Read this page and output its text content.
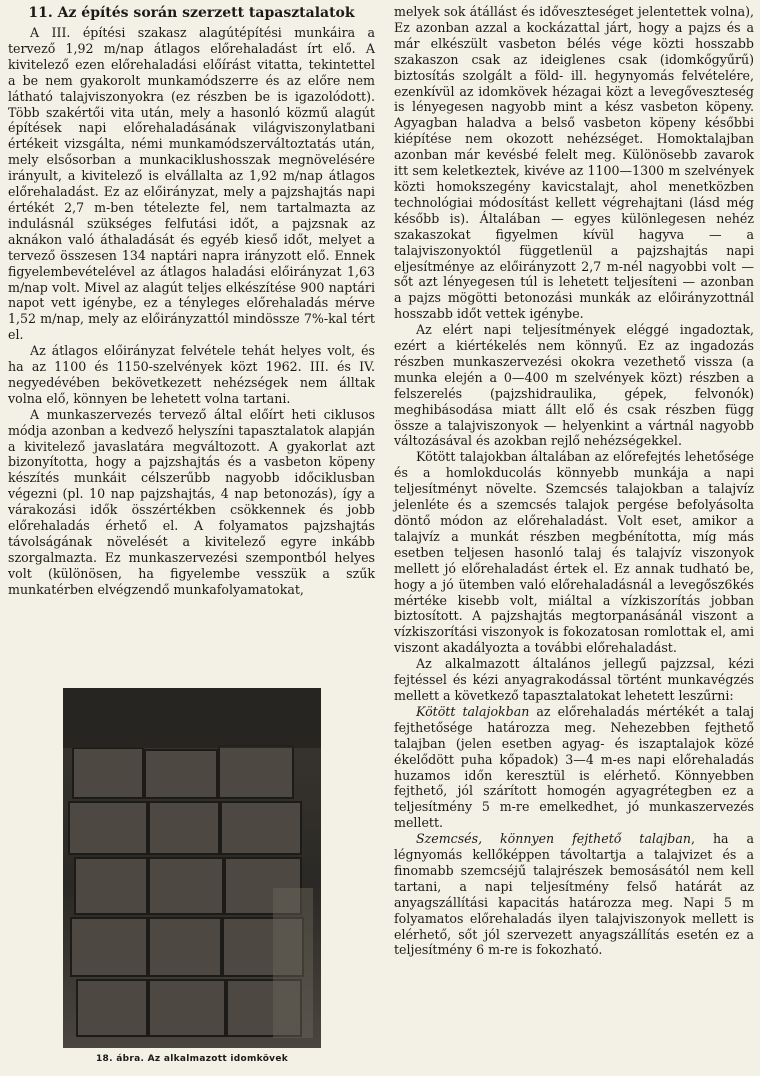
11. Az építés során szerzett tapasztalatok

A III. építési szakasz alagútépítési munkáira a tervező 1,92 m/nap átlagos előrehaladást írt elő. A kivitelező ezen előrehaladási előírást vitatta, tekintettel a be nem gyakorolt munkamódszerre és az előre nem látható talajviszonyokra (ez részben be is igazolódott). Több szakértői vita után, mely a hasonló közmű alagút építések napi előrehaladásának világviszonylatbani értékeit vizsgálta, némi munkamódszerváltoztatás után, mely elsősorban a munkaciklushosszak megnövelésére irányult, a kivitelező is elvállalta az 1,92 m/nap átlagos előrehaladást. Ez az előirányzat, mely a pajzshajtás napi értékét 2,7 m-ben tételezte fel, nem tartalmazta az indulásnál szükséges felfutási időt, a pajzsnak az aknákon való áthaladását és egyéb kieső időt, melyet a tervező összesen 134 naptári napra irányzott elő. Ennek figyelembevételével az átlagos haladási előirányzat 1,63 m/nap volt. Mivel az alagút teljes elkészítése 900 naptári napot vett igénybe, ez a tényleges előrehaladás mérve 1,52 m/nap, mely az előirányzattól mindössze 7%-kal tért el.

Az átlagos előirányzat felvétele tehát helyes volt, és ha az 1100 és 1150-szelvények közt 1962. III. és IV. negyedévében bekövetkezett nehézségek nem álltak volna elő, könnyen be lehetett volna tartani.

A munkaszervezés tervező által előírt heti ciklusos módja azonban a kedvező helyszíni tapasztalatok alapján a kivitelező javaslatára megváltozott. A gyakorlat azt bizonyította, hogy a pajzshajtás és a vasbeton köpeny készítés munkáit célszerűbb nagyobb időciklusban végezni (pl. 10 nap pajzshajtás, 4 nap betonozás), így a várakozási idők összértékben csökkennek és jobb előrehaladás érhető el. A folyamatos pajzshajtás távolságának növelését a kivitelező egyre inkább szorgalmazta. Ez munkaszervezési szempontból helyes volt (különösen, ha figyelembe vesszük a szűk munkatérben elvégzendő munkafolyamatokat,

18. ábra. Az alkalmazott idomkövek

melyek sok átállást és időveszteséget jelentettek volna), Ez azonban azzal a kockázattal járt, hogy a pajzs és a már elkészült vasbeton bélés vége közti hosszabb szakaszon csak az ideiglenes csak (idomkőgyűrű) biztosítás szolgált a föld- ill. hegynyomás felvételére, ezenkívül az idomkövek hézagai közt a levegőveszteség is lényegesen nagyobb mint a kész vasbeton köpeny. Agyagban haladva a belső vasbeton köpeny későbbi kiépítése nem okozott nehézséget. Homoktalajban azonban már kevésbé felelt meg. Különösebb zavarok itt sem keletkeztek, kivéve az 1100—1300 m szelvények közti homokszegény kavicstalajt, ahol menetközben technológiai módosítást kellett végrehajtani (lásd még később is). Általában — egyes különlegesen nehéz szakaszokat figyelmen kívül hagyva — a talajviszonyoktól függetlenül a pajzshajtás napi eljesítménye az előirányzott 2,7 m-nél nagyobbi volt — sőt azt lényegesen túl is lehetett teljesíteni — azonban a pajzs mögötti betonozási munkák az előirányzottnál hosszabb időt vettek igénybe.

Az elért napi teljesítmények eléggé ingadoztak, ezért a kiértékelés nem könnyű. Ez az ingadozás részben munkaszervezési okokra vezethető vissza (a munka elején a 0—400 m szelvények közt) részben a felszerelés (pajzshidraulika, gépek, felvonók) meghibásodása miatt állt elő és csak részben függ össze a talajviszonyok — helyenkint a vártnál nagyobb változásával és azokban rejlő nehézségekkel.

Kötött talajokban általában az előrefejtés lehetősége és a homlokducolás könnyebb munkája a napi teljesítményt növelte. Szemcsés talajokban a talajvíz jelenléte és a szemcsés talajok pergése befolyásolta döntő módon az előrehaladást. Volt eset, amikor a talajvíz a munkát részben megbénította, míg más esetben teljesen hasonló talaj és talajvíz viszonyok mellett jó előrehaladást értek el. Ez annak tudható be, hogy a jó ütemben való előrehaladásnál a levegősz6kés mértéke kisebb volt, miáltal a vízkiszorítás jobban biztosított. A pajzshajtás megtorpanásánál viszont a vízkiszorítási viszonyok is fokozatosan romlottak el, ami viszont akadályozta a további előrehaladást.

Az alkalmazott általános jellegű pajzzsal, kézi fejtéssel és kézi anyagrakodással történt munkavégzés mellett a következő tapasztalatokat lehetett leszűrni:

Kötött talajokban az előrehaladás mértékét a talaj fejthetősége határozza meg. Nehezebben fejthető talajban (jelen esetben agyag- és iszaptalajok közé ékelődött puha kőpadok) 3—4 m-es napi előrehaladás huzamos időn keresztül is elérhető. Könnyebben fejthető, jól szárított homogén agyagrétegben ez a teljesítmény 5 m-re emelkedhet, jó munkaszervezés mellett.

Szemcsés, könnyen fejthető talajban, ha a légnyomás kellőképpen távoltartja a talajvizet és a finomabb szemcséjű talajrészek bemosásától nem kell tartani, a napi teljesítmény felső határát az anyagszállítási kapacitás határozza meg. Napi 5 m folyamatos előrehaladás ilyen talajviszonyok mellett is elérhető, sőt jól szervezett anyagszállítás esetén ez a teljesítmény 6 m-re is fokozható.
